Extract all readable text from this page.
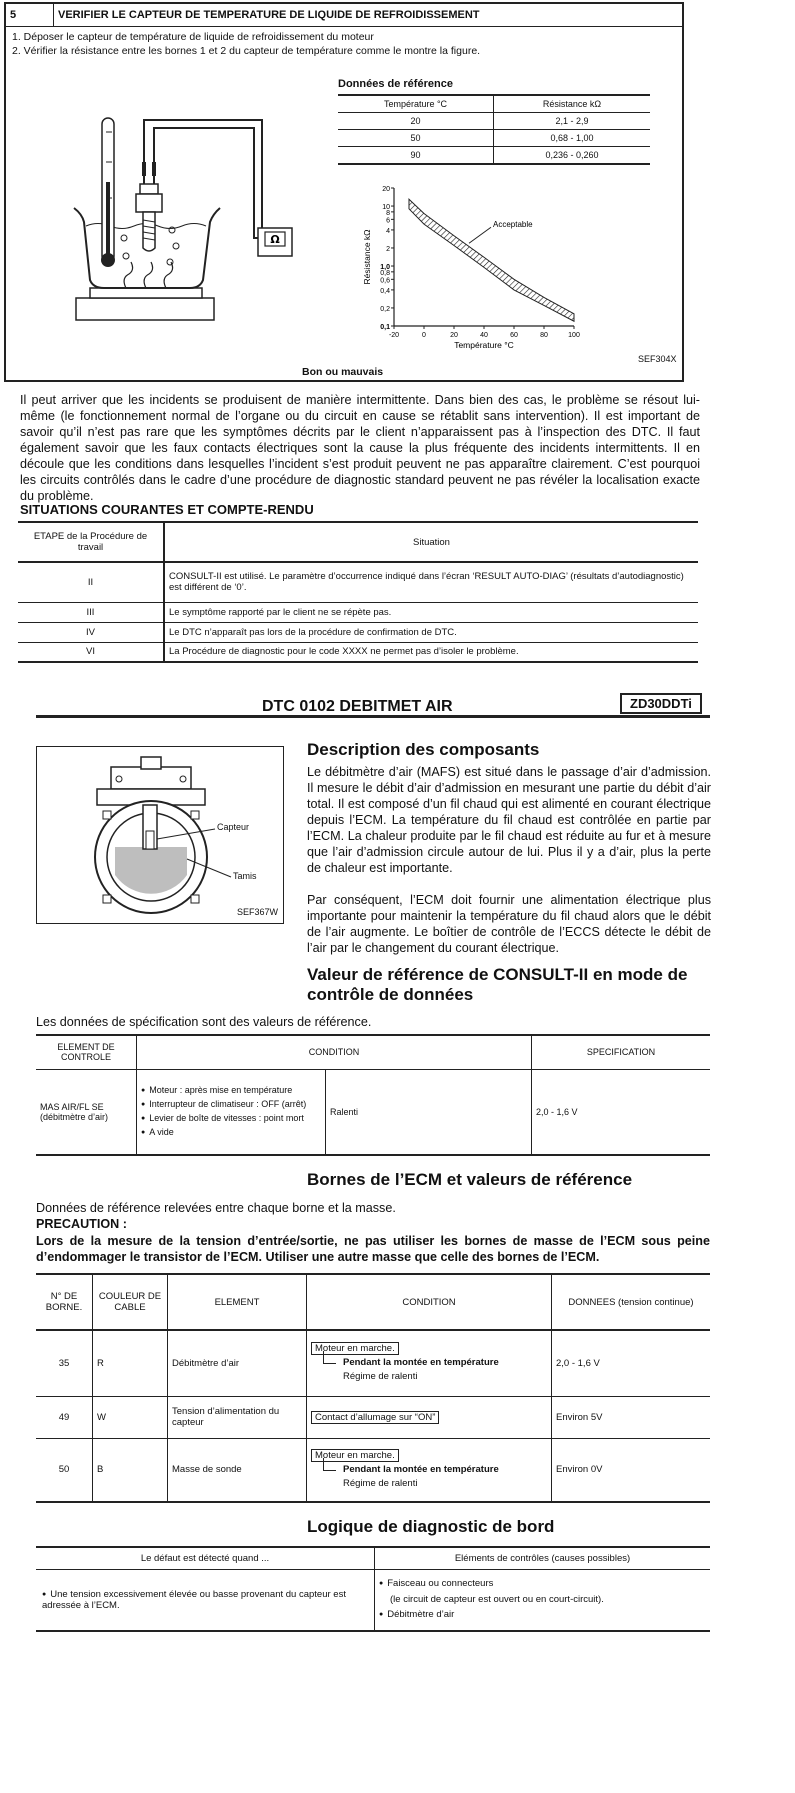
5	VERIFIER LE CAPTEUR DE TEMPERATURE DE LIQUIDE DE REFROIDISSEMENT
1. Déposer le capteur de température de liquide de refroidissement du moteur
2. Vérifier la résistance entre les bornes 1 et 2 du capteur de température comme le montre la figure.
Ω
Données de référence
Température °C	Résistance kΩ
20	2,1 - 2,9
50	0,68 - 1,00
90	0,236 - 0,260
0,1
0,2
0,4
0,6
0,8
1,0
2
4
6
8
10
20
-20	0	20	40	60	80	100
Acceptable
Température °C
Résistance kΩ
SEF304X
Bon ou mauvais
Il peut arriver que les incidents se produisent de manière intermittente. Dans bien des cas, le problème se résout lui-même (le fonctionnement normal de l’organe ou du circuit en cause se rétablit sans intervention). Il est important de savoir qu’il n’est pas rare que les symptômes décrits par le client n’apparaissent pas à l’inspection des DTC. Il faut également savoir que les faux contacts électriques sont la cause la plus fréquente des incidents intermittents. Il en découle que les conditions dans lesquelles l’incident s’est produit peuvent ne pas apparaître clairement. C’est pourquoi les circuits contrôlés dans le cadre d’une procédure de diagnostic standard peuvent ne pas révéler la localisation exacte du problème.
SITUATIONS COURANTES ET COMPTE-RENDU
ETAPE de la Procédure de travail	Situation
II	CONSULT-II est utilisé. Le paramètre d’occurrence indiqué dans l’écran ‘RESULT AUTO-DIAG’ (résultats d’autodiagnostic) est différent de ‘0’.
III	Le symptôme rapporté par le client ne se répète pas.
IV	Le DTC n’apparaît pas lors de la procédure de confirmation de DTC.
VI	La Procédure de diagnostic pour le code XXXX ne permet pas d’isoler le problème.
DTC 0102 DEBITMET AIR	ZD30DDTi
Capteur
Tamis
SEF367W
Description des composants
Le débitmètre d’air (MAFS) est situé dans le passage d’air d’admission. Il mesure le débit d’air d’admission en mesurant une partie du débit d’air total. Il est composé d’un fil chaud qui est alimenté en courant électrique depuis l’ECM. La température du fil chaud est contrôlée en partie par l’ECM. La chaleur produite par le fil chaud est réduite au fur et à mesure que l’air d’admission circule autour de lui. Plus il y a d’air, plus la perte de chaleur est importante.
Par conséquent, l’ECM doit fournir une alimentation électrique plus importante pour maintenir la température du fil chaud alors que le débit de l’air augmente. Le boîtier de contrôle de l’ECCS détecte le débit de l’air par le changement du courant électrique.
Valeur de référence de CONSULT-II en mode de contrôle de données
Les données de spécification sont des valeurs de référence.
ELEMENT DE CONTROLE	CONDITION		SPECIFICATION
MAS AIR/FL SE (débitmètre d’air)	● Moteur : après mise en température
● Interrupteur de climatiseur : OFF (arrêt)
● Levier de boîte de vitesses : point mort
● A vide	Ralenti	2,0 - 1,6 V
Bornes de l’ECM et valeurs de référence
Données de référence relevées entre chaque borne et la masse.
PRECAUTION :
Lors de la mesure de la tension d’entrée/sortie, ne pas utiliser les bornes de masse de l’ECM sous peine d’endommager le transistor de l’ECM. Utiliser une autre masse que celle des bornes de l’ECM.
N° DE BORNE.	COULEUR DE CABLE	ELEMENT	CONDITION	DONNEES (tension continue)
35	R	Débitmètre d’air	Moteur en marche.
Pendant la montée en température
Régime de ralenti	2,0 - 1,6 V
49	W	Tension d’alimentation du capteur	Contact d’allumage sur “ON”	Environ 5V
50	B	Masse de sonde	Moteur en marche.
Pendant la montée en température
Régime de ralenti	Environ 0V
Logique de diagnostic de bord
Le défaut est détecté quand ...	Eléments de contrôles (causes possibles)

● Une tension excessivement élevée ou basse provenant du capteur est adressée à l’ECM.	● Faisceau ou connecteurs
(le circuit de capteur est ouvert ou en court-circuit).
● Débitmètre d’air
